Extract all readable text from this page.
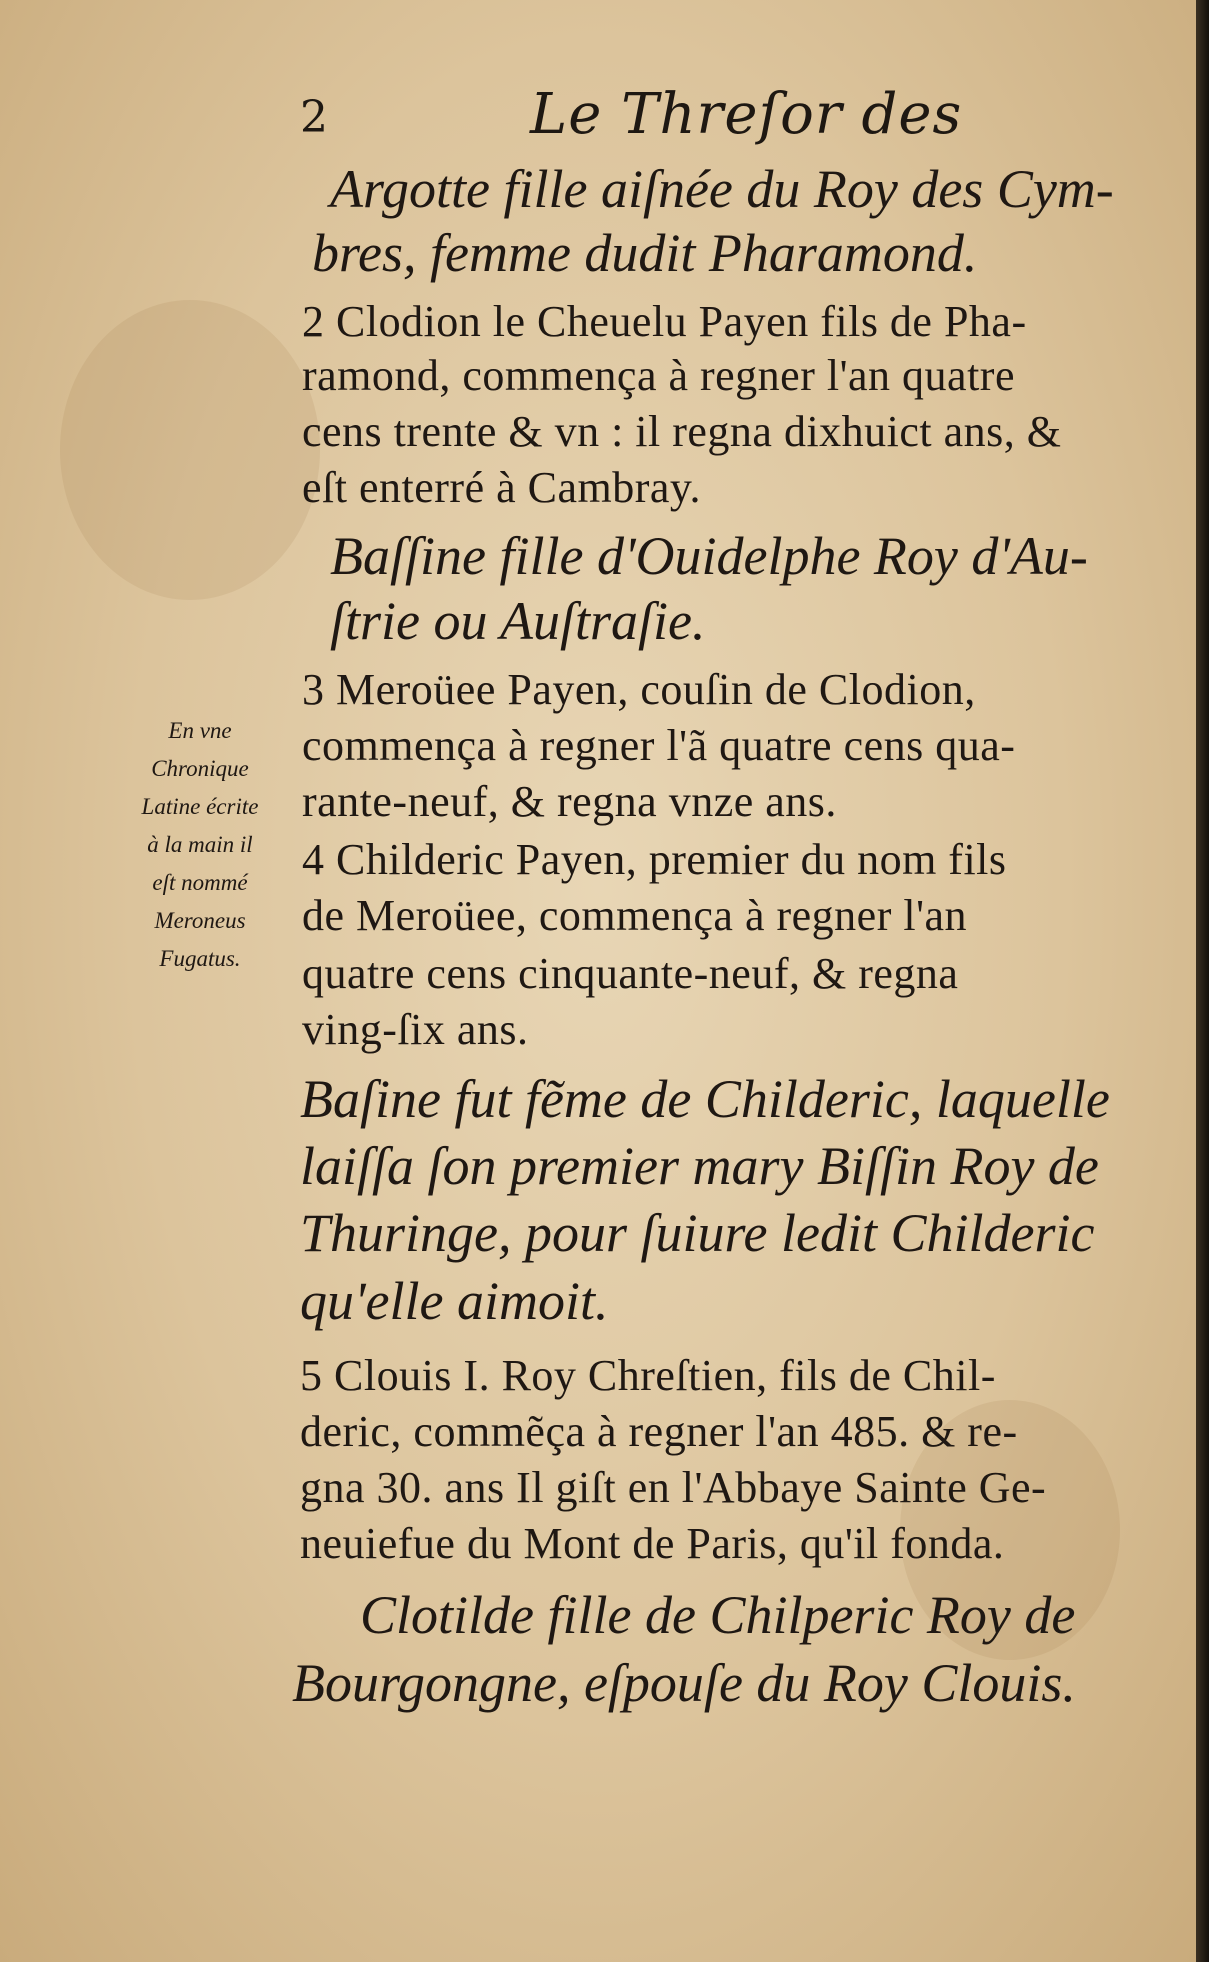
2	Le Threſor des
Argotte fille aiſnée du Roy des Cym-
bres, femme dudit Pharamond.
2 Clodion le Cheuelu Payen fils de Pha-
ramond, commença à regner l'an quatre
cens trente & vn : il regna dixhuict ans, &
eſt enterré à Cambray.
Baſſine fille d'Ouidelphe Roy d'Au-
ſtrie ou Auſtraſie.
3 Meroüee Payen, couſin de Clodion,
commença à regner l'ã quatre cens qua-
rante-neuf, & regna vnze ans.
4 Childeric Payen, premier du nom fils
de Meroüee, commença à regner l'an
quatre cens cinquante-neuf, & regna
ving-ſix ans.
Baſine fut fẽme de Childeric, laquelle
laiſſa ſon premier mary Biſſin Roy de
Thuringe, pour ſuiure ledit Childeric
qu'elle aimoit.
5 Clouis I. Roy Chreſtien, fils de Chil-
deric, commẽça à regner l'an 485. & re-
gna 30. ans Il giſt en l'Abbaye Sainte Ge-
neuiefue du Mont de Paris, qu'il fonda.
Clotilde fille de Chilperic Roy de
Bourgongne, eſpouſe du Roy Clouis.
En vne
Chronique
Latine écrite
à la main il
eſt nommé
Meroneus
Fugatus.
